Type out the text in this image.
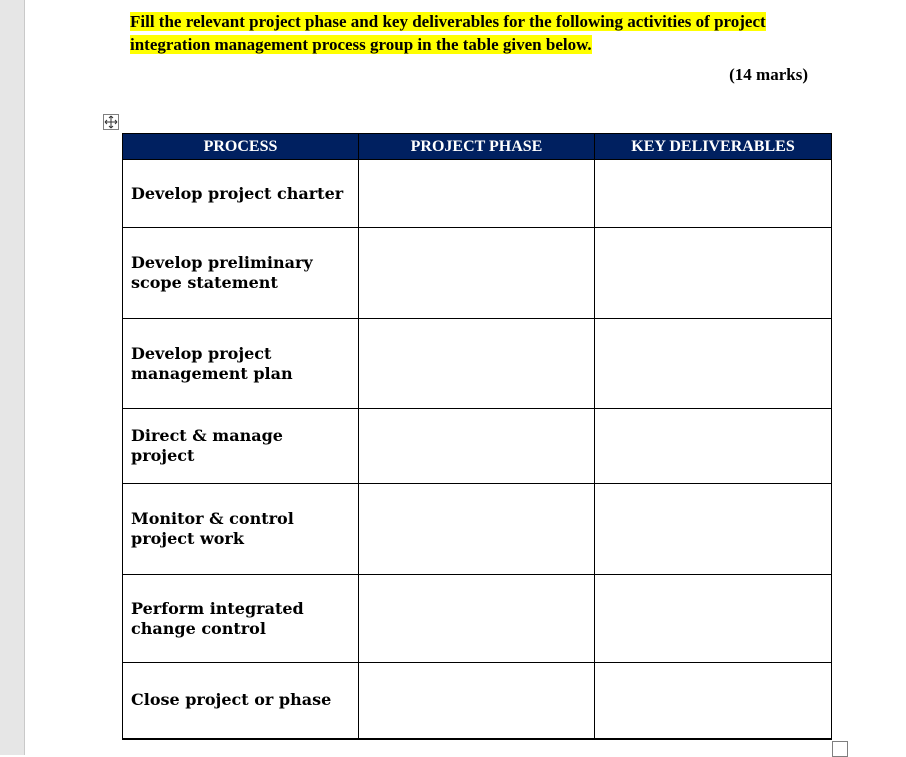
Fill the relevant project phase and key deliverables for the following activities of project integration management process group in the table given below.
(14 marks)
PROCESS	PROJECT PHASE	KEY DELIVERABLES
Develop project charter		
Develop preliminary scope statement		
Develop project management plan		
Direct & manage project		
Monitor & control project work		
Perform integrated change control		
Close project or phase		
